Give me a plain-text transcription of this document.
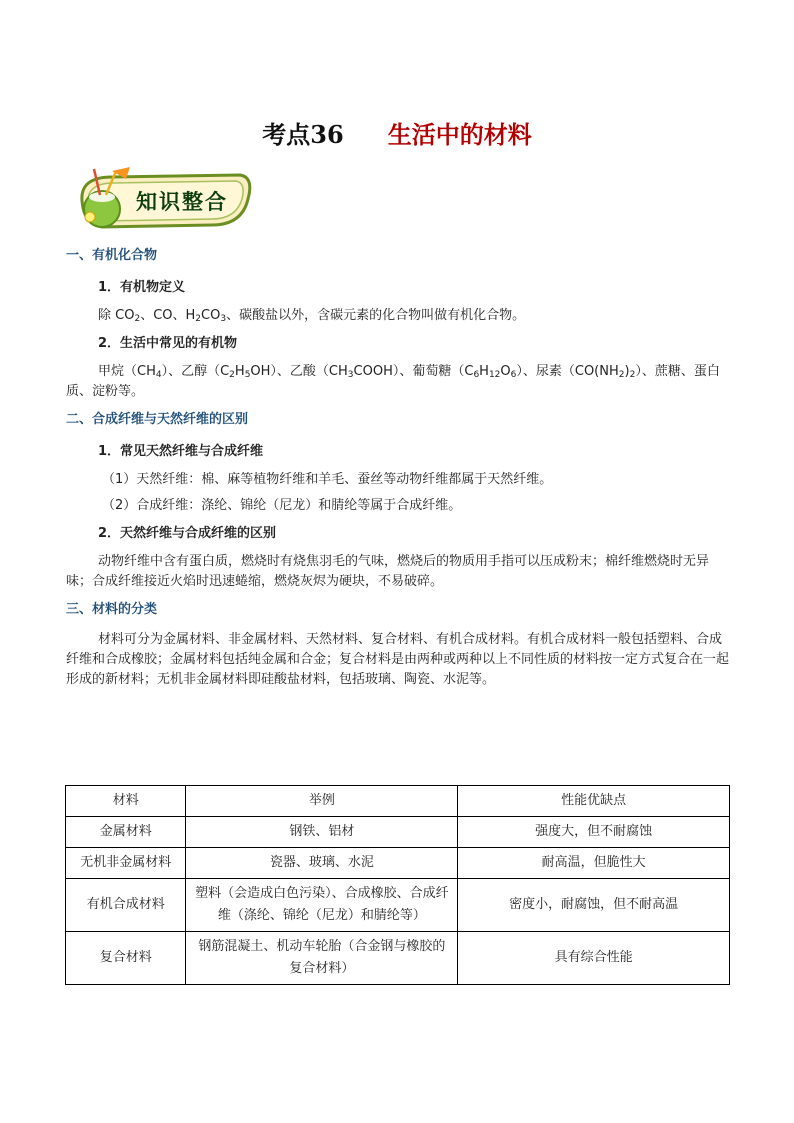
考点36 生活中的材料
知识整合
一、有机化合物
1．有机物定义
除 $CO_2$、CO、$H_2CO_3$、碳酸盐以外，含碳元素的化合物叫做有机化合物。
2．生活中常见的有机物
甲烷$(CH_4)$、乙醇$(C_2H_5OH)$、乙酸$(CH_3COOH)$、葡萄糖$(C_6H_{12}O_6)$、尿素$(CO(NH_2)_2)$、蔗糖、蛋白质、淀粉等。
二、合成纤维与天然纤维的区别
1．常见天然纤维与合成纤维
（1）天然纤维：棉、麻等植物纤维和羊毛、蚕丝等动物纤维都属于天然纤维。
（2）合成纤维：涤纶、锦纶（尼龙）和腈纶等属于合成纤维。
2．天然纤维与合成纤维的区别
动物纤维中含有蛋白质，燃烧时有烧焦羽毛的气味，燃烧后的物质用手指可以压成粉末；棉纤维燃烧时无异味；合成纤维接近火焰时迅速蜷缩，燃烧灰烬为硬块，不易破碎。
三、材料的分类
材料可分为金属材料、非金属材料、天然材料、复合材料、有机合成材料。有机合成材料一般包括塑料、合成纤维和合成橡胶；金属材料包括纯金属和合金；复合材料是由两种或两种以上不同性质的材料按一定方式复合在一起形成的新材料；无机非金属材料即硅酸盐材料，包括玻璃、陶瓷、水泥等。
材料	举例	性能优缺点
金属材料	钢铁、铝材	强度大，但不耐腐蚀
无机非金属材料	瓷器、玻璃、水泥	耐高温，但脆性大
有机合成材料	塑料（会造成白色污染）、合成橡胶、合成纤维（涤纶、锦纶（尼龙）和腈纶等）	密度小，耐腐蚀，但不耐高温
复合材料	钢筋混凝土、机动车轮胎（合金钢与橡胶的复合材料）	具有综合性能
